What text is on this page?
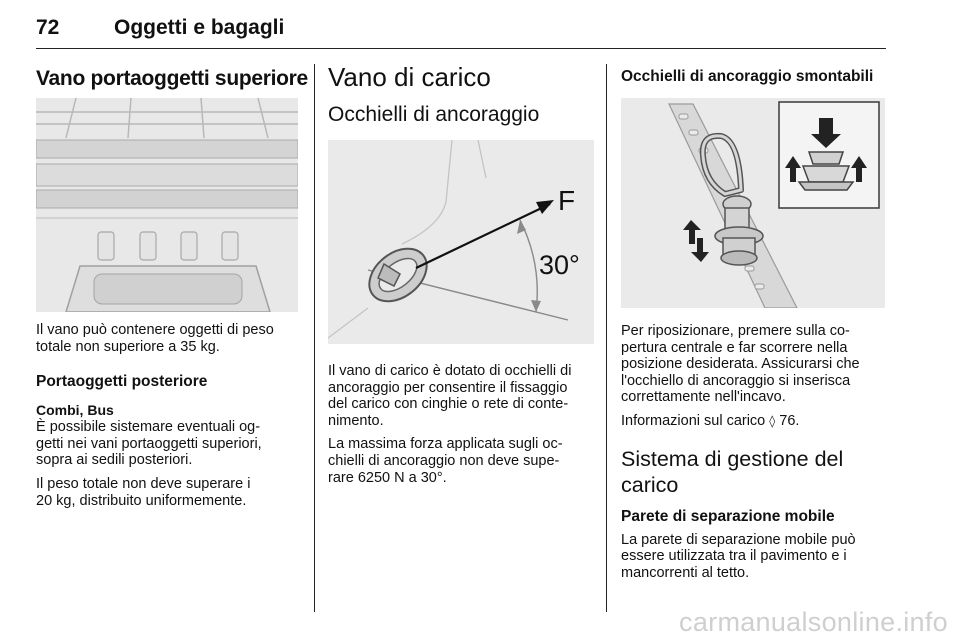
72	Oggetti e bagagli
Vano portaoggetti superiore

Il vano può contenere oggetti di peso
totale non superiore a 35 kg.

Portaoggetti posteriore
Combi, Bus

È possibile sistemare eventuali og-
getti nei vani portaoggetti superiori,
sopra ai sedili posteriori.

Il peso totale non deve superare i
20 kg, distribuito uniformemente.

Vano di carico
Occhielli di ancoraggio
F
30°

Il vano di carico è dotato di occhielli di
ancoraggio per consentire il fissaggio
del carico con cinghie o rete di conte-
nimento.

La massima forza applicata sugli oc-
chielli di ancoraggio non deve supe-
rare 6250 N a 30°.

Occhielli di ancoraggio smontabili

Per riposizionare, premere sulla co-
pertura centrale e far scorrere nella
posizione desiderata. Assicurarsi che
l'occhiello di ancoraggio si inserisca
correttamente nell'incavo.

Informazioni sul carico ◊ 76.

Sistema di gestione del
carico
Parete di separazione mobile

La parete di separazione mobile può
essere utilizzata tra il pavimento e i
mancorrenti al tetto.

carmanualsonline.info
